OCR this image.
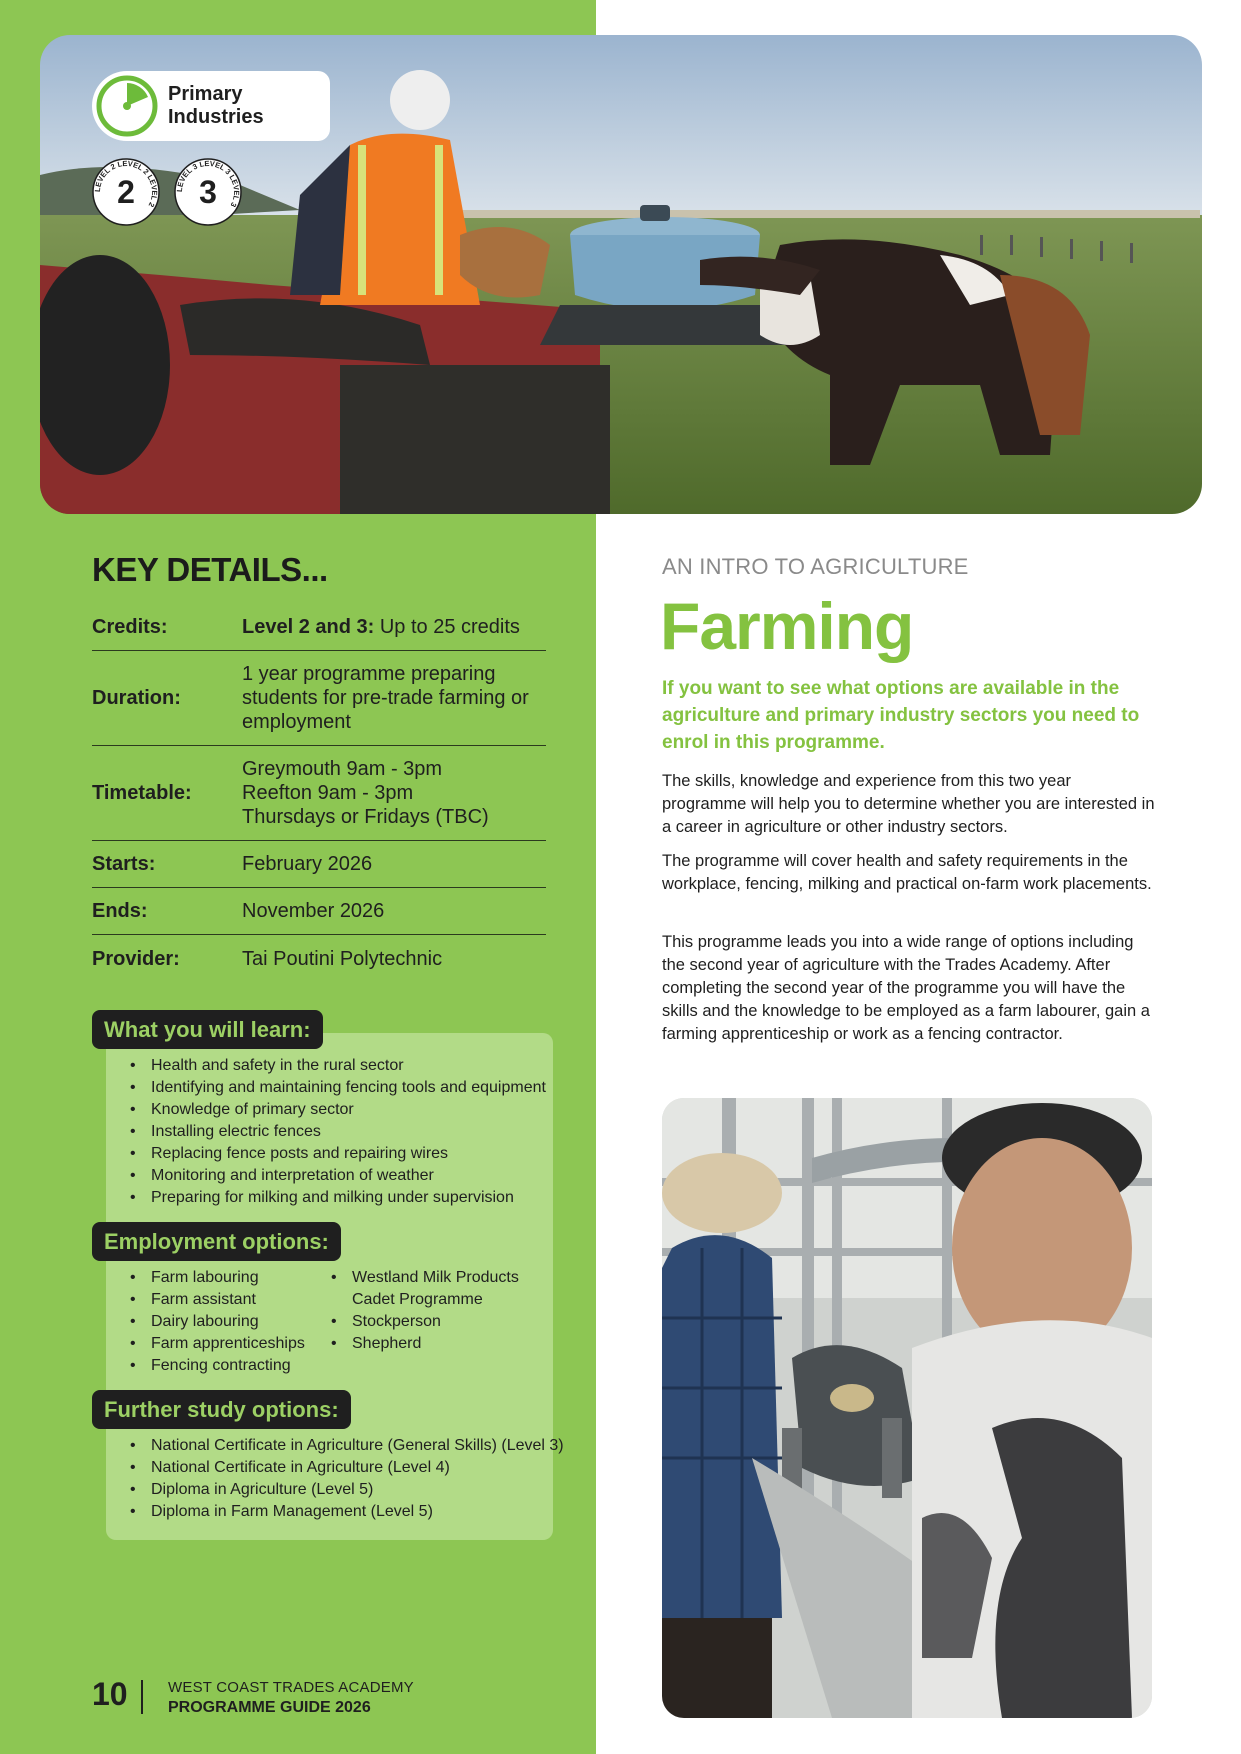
Primary
Industries
LEVEL 2 LEVEL 2 LEVEL 2
2	LEVEL 3 LEVEL 3 LEVEL 3
3
KEY DETAILS...
Credits:	Level 2 and 3: Up to 25 credits
Duration:
1 year programme preparing students for pre-trade farming or employment
Timetable:
Greymouth 9am - 3pm
Reefton 9am - 3pm
Thursdays or Fridays (TBC)
Starts:	February 2026
Ends:	November 2026
Provider:	Tai Poutini Polytechnic
What you will learn:
• Health and safety in the rural sector
• Identifying and maintaining fencing tools and equipment
• Knowledge of primary sector
• Installing electric fences
• Replacing fence posts and repairing wires
• Monitoring and interpretation of weather
• Preparing for milking and milking under supervision
Employment options:
• Farm labouring
• Farm assistant
• Dairy labouring
• Farm apprenticeships
• Fencing contracting
• Westland Milk Products
Cadet Programme
• Stockperson
• Shepherd
Further study options:
• National Certificate in Agriculture (General Skills) (Level 3)
• National Certificate in Agriculture (Level 4)
• Diploma in Agriculture (Level 5)
• Diploma in Farm Management (Level 5)
AN INTRO TO AGRICULTURE
Farming
If you want to see what options are available in the agriculture and primary industry sectors you need to enrol in this programme.
The skills, knowledge and experience from this two year programme will help you to determine whether you are interested in a career in agriculture or other industry sectors.
The programme will cover health and safety requirements in the workplace, fencing, milking and practical on-farm work placements.
This programme leads you into a wide range of options including the second year of agriculture with the Trades Academy. After completing the second year of the programme you will have the skills and the knowledge to be employed as a farm labourer, gain a farming apprenticeship or work as a fencing contractor.
10	WEST COAST TRADES ACADEMY
PROGRAMME GUIDE 2026
